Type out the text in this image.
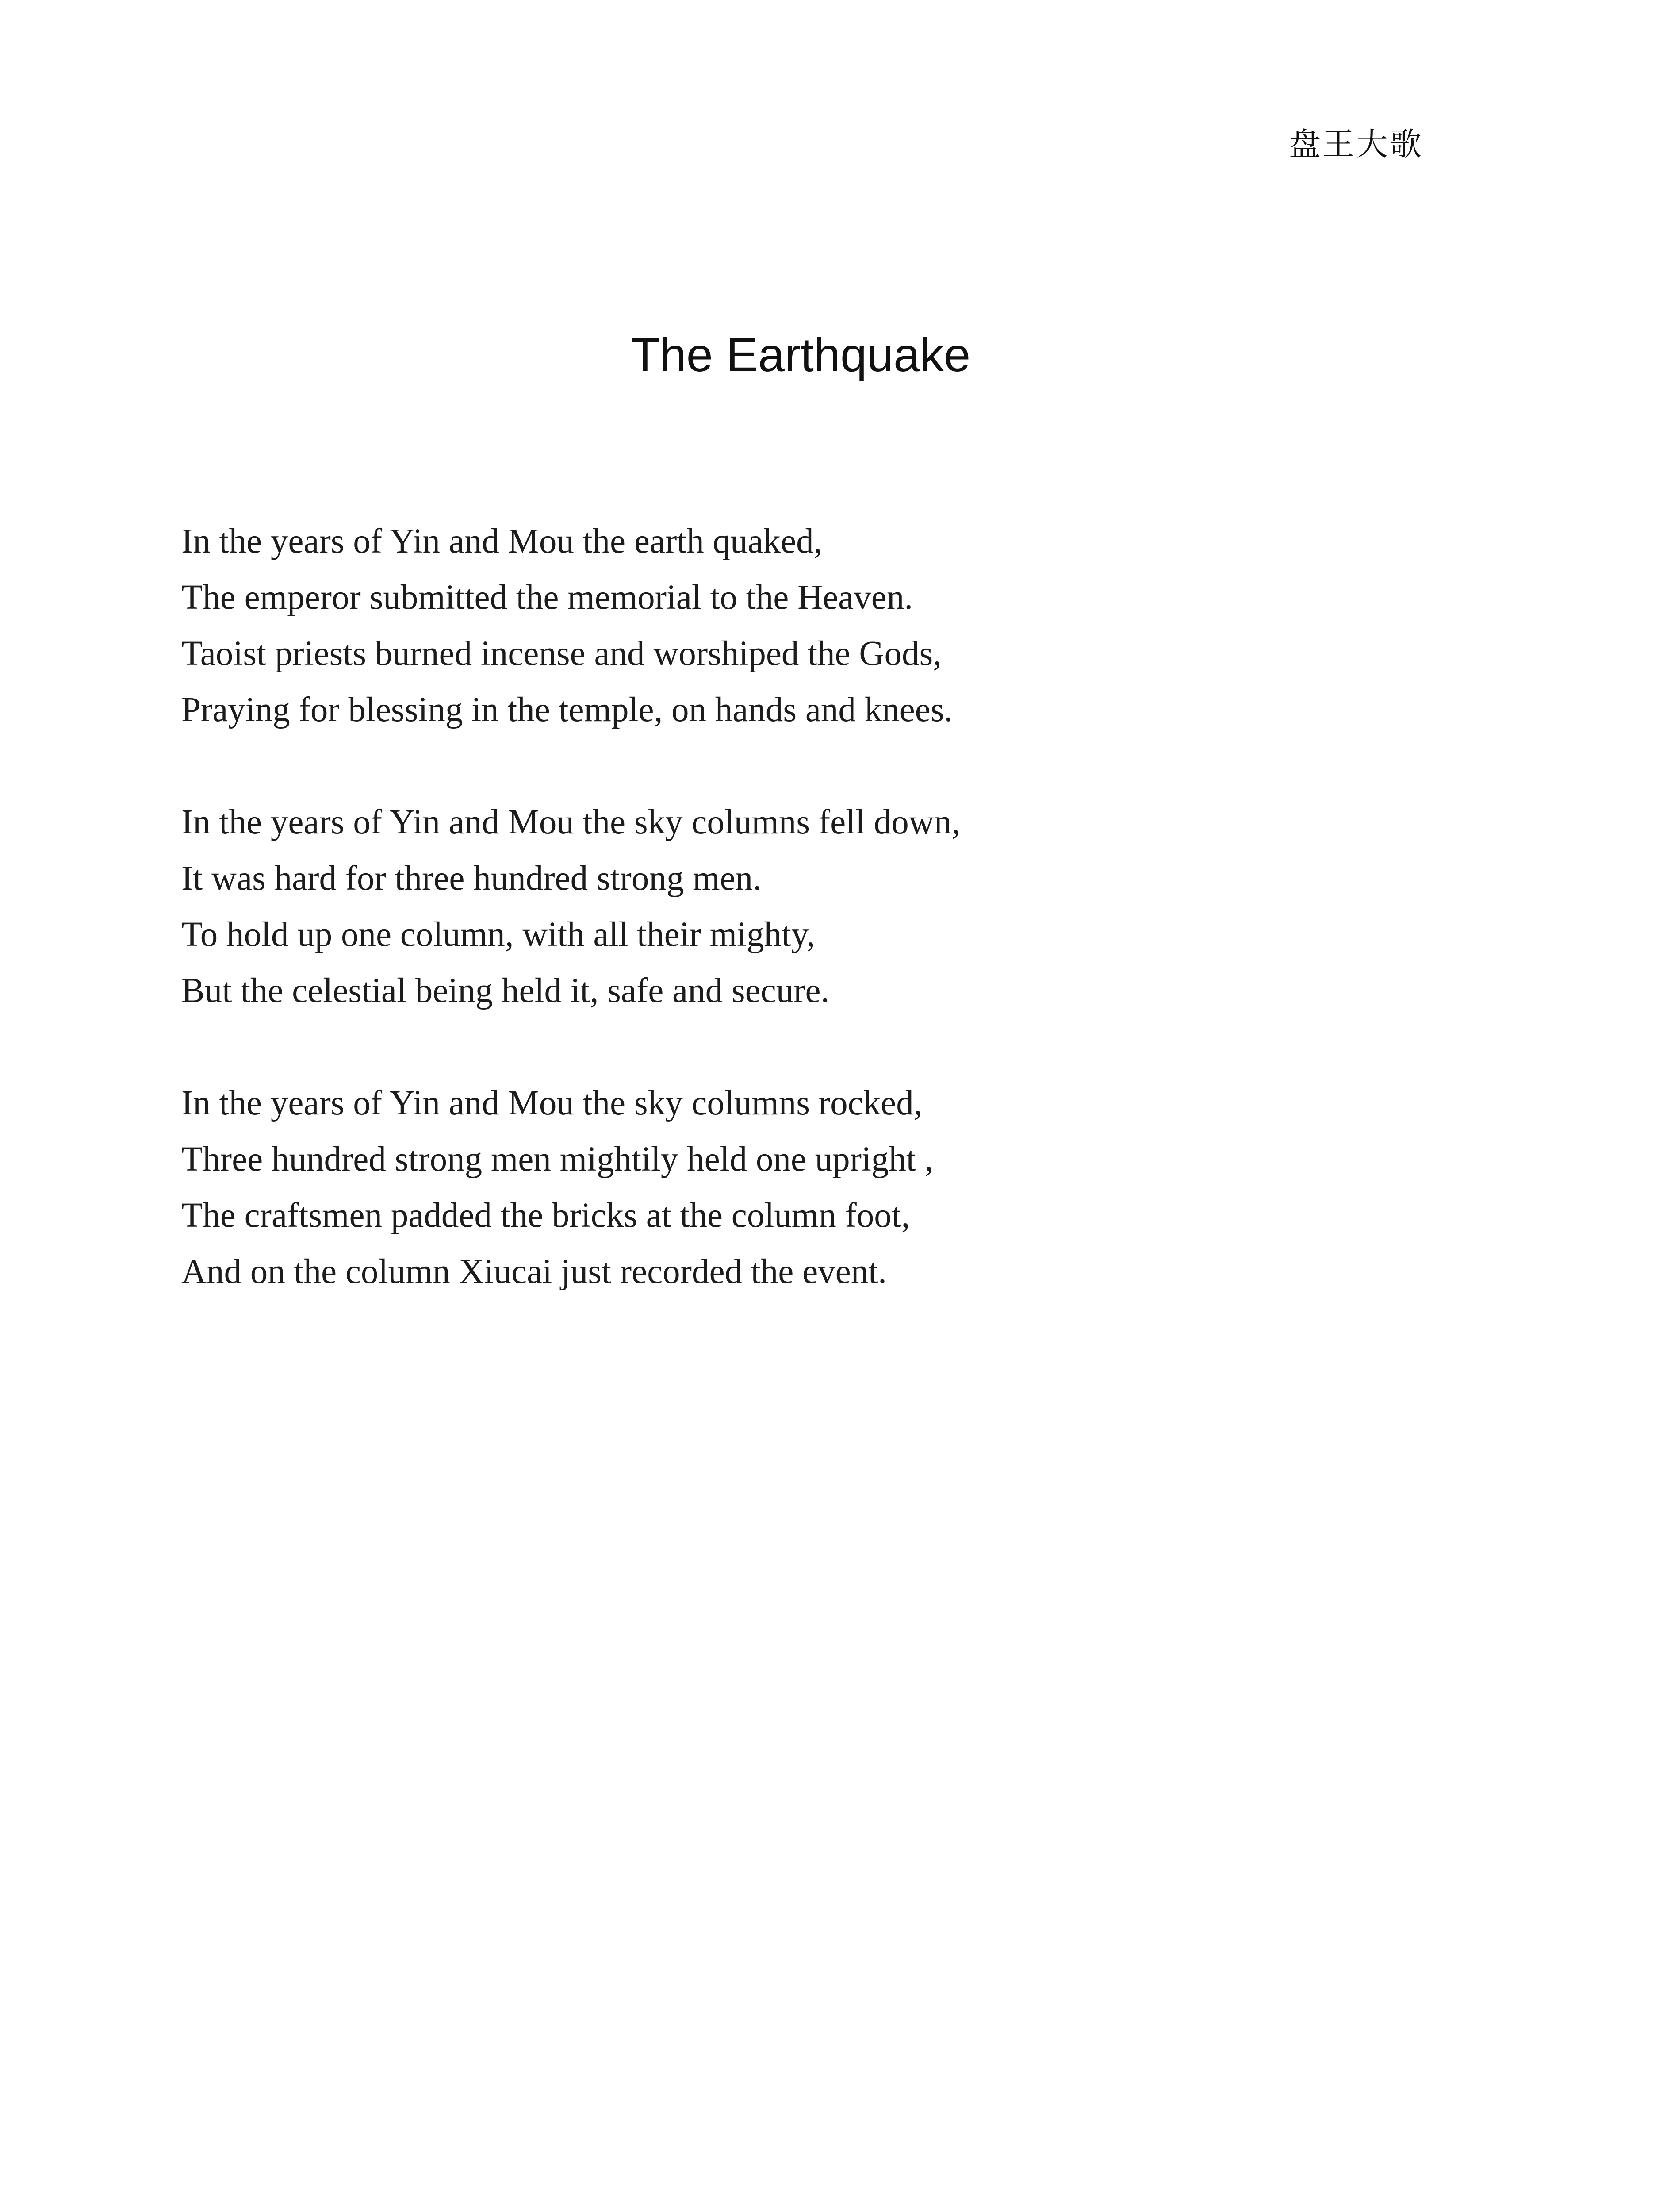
盘王大歌
The Earthquake
In the years of Yin and Mou the earth quaked,
The emperor submitted the memorial to the Heaven.
Taoist priests burned incense and worshiped the Gods,
Praying for blessing in the temple, on hands and knees.
In the years of Yin and Mou the sky columns fell down,
It was hard for three hundred strong men.
To hold up one column, with all their mighty,
But the celestial being held it, safe and secure.
In the years of Yin and Mou the sky columns rocked,
Three hundred strong men mightily held one upright ,
The craftsmen padded the bricks at the column foot,
And on the column Xiucai just recorded the event.
